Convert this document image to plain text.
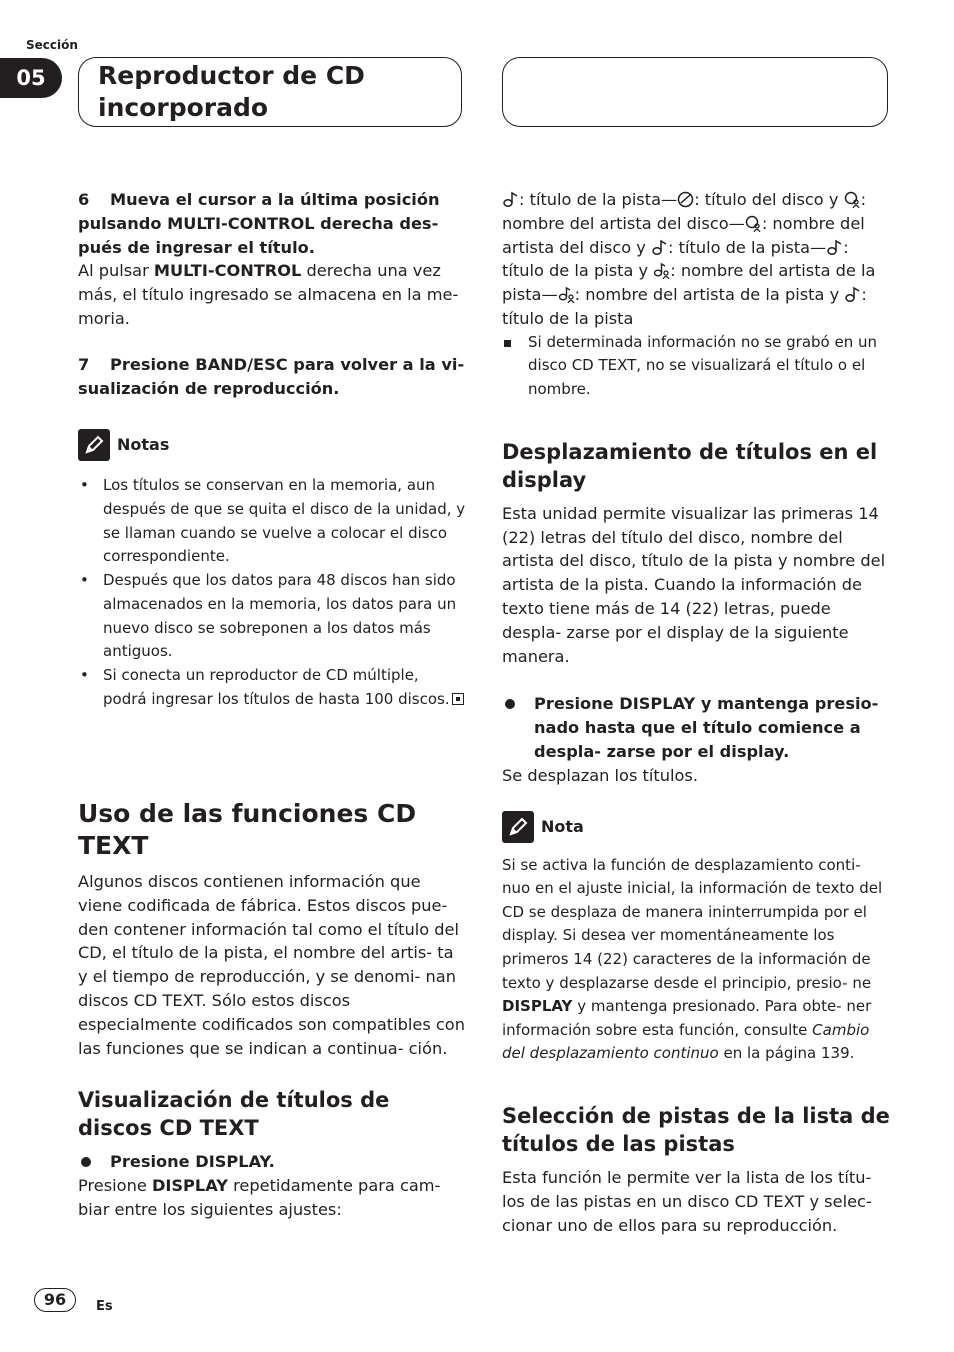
Sección
05	Reproductor de CD incorporado

6 Mueva el cursor a la última posición pulsando MULTI-CONTROL derecha des- pués de ingresar el título.

Al pulsar MULTI-CONTROL derecha una vez más, el título ingresado se almacena en la me- moria.

7 Presione BAND/ESC para volver a la vi- sualización de reproducción.

Notas
• Los títulos se conservan en la memoria, aun después de que se quita el disco de la unidad, y se llaman cuando se vuelve a colocar el disco correspondiente.
• Después que los datos para 48 discos han sido almacenados en la memoria, los datos para un nuevo disco se sobreponen a los datos más antiguos.
• Si conecta un reproductor de CD múltiple, podrá ingresar los títulos de hasta 100 discos.
Uso de las funciones CD TEXT

Algunos discos contienen información que viene codificada de fábrica. Estos discos pue- den contener información tal como el título del CD, el título de la pista, el nombre del artis- ta y el tiempo de reproducción, y se denomi- nan discos CD TEXT. Sólo estos discos especialmente codificados son compatibles con las funciones que se indican a continua- ción.

Visualización de títulos de discos CD TEXT

Presione DISPLAY.

Presione DISPLAY repetidamente para cam- biar entre los siguientes ajustes:

: título de la pista— : título del disco y : nombre del artista del disco— : nombre del artista del disco y : título de la pista— : título de la pista y : nombre del artista de la pista— : nombre del artista de la pista y : título de la pista

Si determinada información no se grabó en un disco CD TEXT, no se visualizará el título o el nombre.

Desplazamiento de títulos en el display

Esta unidad permite visualizar las primeras 14 (22) letras del título del disco, nombre del artista del disco, título de la pista y nombre del artista de la pista. Cuando la información de texto tiene más de 14 (22) letras, puede despla- zarse por el display de la siguiente manera.

Presione DISPLAY y mantenga presio- nado hasta que el título comience a despla- zarse por el display.

Se desplazan los títulos.

Nota

Si se activa la función de desplazamiento conti- nuo en el ajuste inicial, la información de texto del CD se desplaza de manera ininterrumpida por el display. Si desea ver momentáneamente los primeros 14 (22) caracteres de la información de texto y desplazarse desde el principio, presio- ne DISPLAY y mantenga presionado. Para obte- ner información sobre esta función, consulte Cambio del desplazamiento continuo en la página 139.

Selección de pistas de la lista de títulos de las pistas

Esta función le permite ver la lista de los títu- los de las pistas en un disco CD TEXT y selec- cionar uno de ellos para su reproducción.

96	Es
